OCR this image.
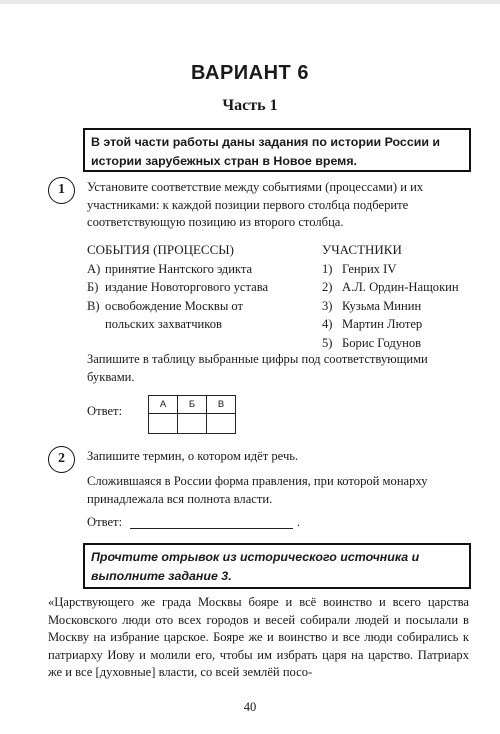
ВАРИАНТ 6
Часть 1
В этой части работы даны задания по истории России и истории зарубежных стран в Новое время.
1	Установите соответствие между событиями (процессами) и их участниками: к каждой позиции первого столбца подберите соответствующую позицию из второго столбца.
СОБЫТИЯ (ПРОЦЕССЫ)	УЧАСТНИКИ
А) принятие Нантского эдикта
Б) издание Новоторгового устава
В) освобождение Москвы от польских захватчиков
1) Генрих IV
2) А.Л. Ордин-Нащокин
3) Кузьма Минин
4) Мартин Лютер
5) Борис Годунов
Запишите в таблицу выбранные цифры под соответствующими буквами.
Ответ:	А	Б	В

2	Запишите термин, о котором идёт речь.
Сложившаяся в России форма правления, при которой монарху принадлежала вся полнота власти.
Ответ:	.
Прочтите отрывок из исторического источника и выполните задание 3.
«Царствующего же града Москвы бояре и всё воинство и всего царства Московского люди ото всех городов и весей собирали людей и посылали в Москву на избрание царское. Бояре же и воинство и все люди собирались к патриарху Иову и молили его, чтобы им избрать царя на царство. Патриарх же и все [духовные] власти, со всей землёй посо-
40
